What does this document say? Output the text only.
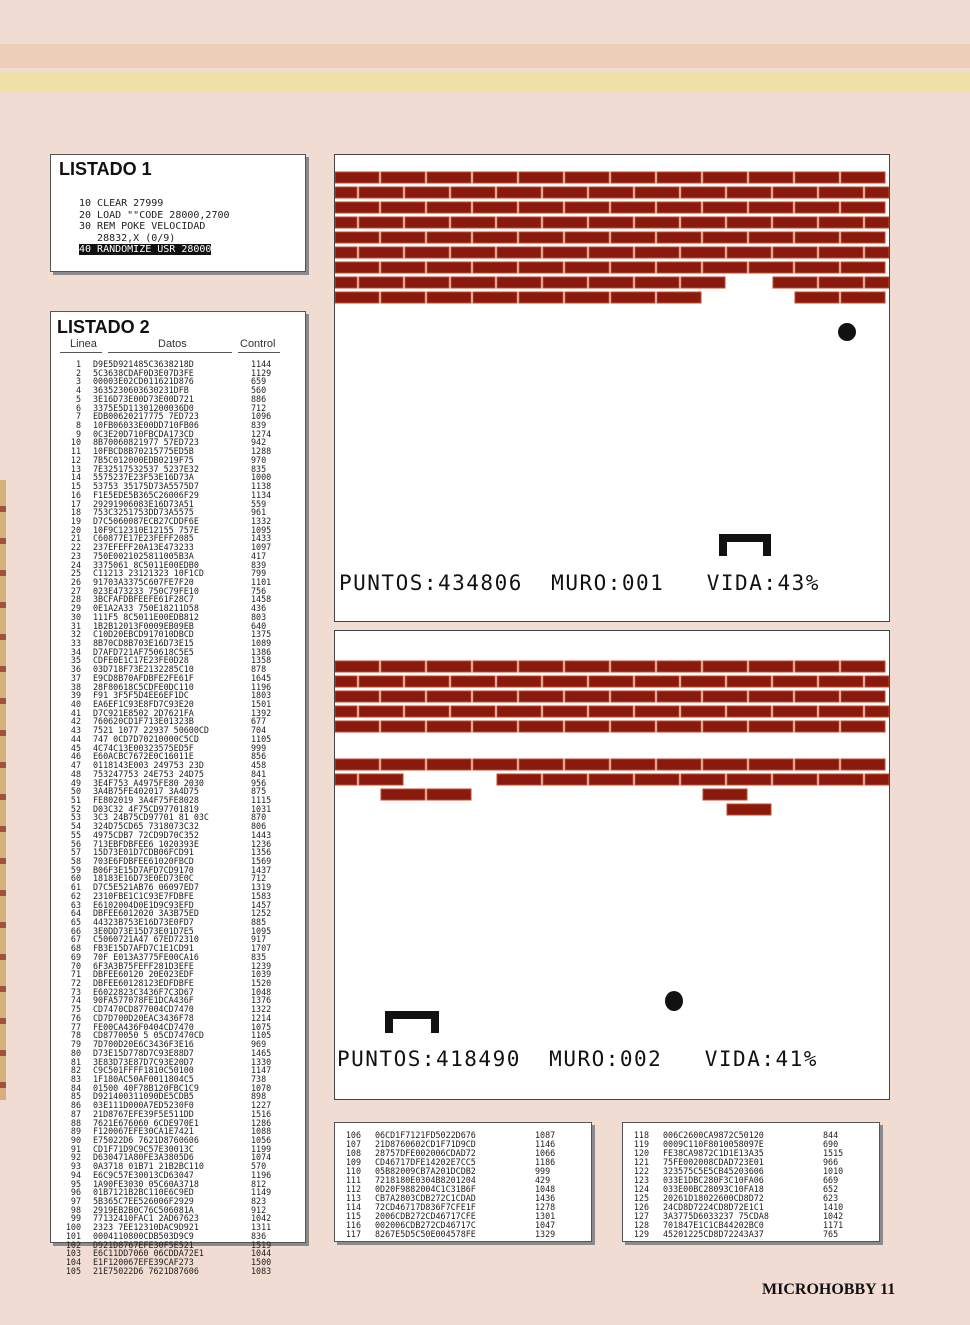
LISTADO 1
10 CLEAR 27999
20 LOAD ""CODE 28000,2700
30 REM POKE VELOCIDAD
28832,X (0/9)
40 RANDOMIZE USR 28000
LISTADO 2
Linea	Datos	Control
1 D9E5D921485C3638218D	1144
2 5C3638CDAF0D3E07D3FE	1129
3 00003E02CD011621D876	659
4 3635230603630231DFB	560
5 3E16D73E00D73E00D721	886
6 3375E5D11301200036D0	712
7 EDB00620217775 7ED723	1096
8 10FB06033E00DD710FB06	839
9 0C3E20D710FBCDA173CD	1274
10 8B70060821977 57ED723	942
11 10FBCD8B70215775ED5B	1288
12 7B5C012000EDB0219F75	970
13 7E32517532537 5237E32	835
14 5575237E23F53E16D73A	1000
15 53753 35175D73A5575D7	1138
16 F1E5EDE5B365C26006F29	1134
17 29291906083E16D73A51	559
18 753C3251753DD73A5575	961
19 D7C5060087ECB27CDDF6E	1332
20 10F9C12310E12155 757E	1095
21 C60877E17E23FEFF2085	1433
22 237EFEFF20A13E473233	1097
23 750E0021025811005B3A	417
24 3375061 8C5011E00EDB0	839
25 C11213 23121323 10F1CD	799
26 91703A3375C607FE7F20	1101
27 023E473233 750C79FE10	756
28 3BCFAFDBFEEFE61F28C7	1458
29 0E1A2A33 750E18211D58	436
30 111F5 8C5011E00EDB812	803
31 1B2B12013F0009EB09EB	640
32 C10D20EBCD917010DBCD	1375
33 8B70CD8B703E16D73E15	1089
34 D7AFD721AF750618C5E5	1386
35 CDFE0E1C17E23FE0D28	1358
36 03D718F73E2132285C10	878
37 E9CD8B70AFDBFE2FE61F	1645
38 28F80618C5CDFE0DC110	1196
39 F91 3F5F5D4EE6EF1DC	1803
40 EA6EF1C93E8FD7C93E20	1501
41 D7C921E8502 2D7621FA	1392
42 760620CD1F713E01323B	677
43 7521 1077 22937 50600CD	704
44 747 0CD7D70210000C5CD	1105
45 4C74C13E00323575ED5F	999
46 E60ACBC7672E0C16011E	856
47 0118143E003 249753 23D	458
48 753247753 24E753 24D75	841
49 3E4F753 A4975FE80 2030	956
50 3A4B75FE402017 3A4D75	875
51 FE802019 3A4F75FE8028	1115
52 D03C32 4F75CD97701819	1031
53 3C3 24B75CD97701 81 03C	870
54 324D75CD65 7318073C32	806
55 4975CDB7 72CD9D70C352	1443
56 713EBFDBFEE6 1020393E	1236
57 15D73E01D7CDB06FCD91	1356
58 703E6FDBFEE61020FBCD	1569
59 B06F3E15D7AFD7CD9170	1437
60 18183E16D73E0ED73E0C	712
61 D7C5E521AB76 06097ED7	1319
62 2310FBE1C1C93E7FDBFE	1583
63 E6102004D0E1D9C93EFD	1457
64 DBFEE6012020 3A3B75ED	1252
65 44323B753E16D73E0FD7	885
66 3E0DD73E15D73E01D7E5	1095
67 C5060721A47 67ED72310	917
68 FB3E15D7AFD7C1E1CD91	1707
69 70F E013A3775FE00CA16	835
70 6F3A3B75FEFF281D3EFE	1239
71 DBFEE60120 20E023EDF	1039
72 DBFEE60128123EDFDBFE	1520
73 E6022823C3436F7C3D67	1048
74 90FA577078FE1DCA436F	1376
75 CD7470CD877004CD7470	1322
76 CD7D700D20EAC3436F78	1214
77 FE00CA436F0404CD7470	1075
78 CD8770050 5 05CD7470CD	1105
79 7D700D20E6C3436F3E16	969
80 D73E15D778D7C93E88D7	1465
81 3E83D73E87D7C93E20D7	1330
82 C9C501FFFF1810C50100	1147
83 1F180AC50AF0011804C5	738
84 01500 40F78B120FBC1C9	1070
85 D921400311090DE5CDB5	898
86 03E111D000A7ED5230F0	1227
87 21D8767EFE39F5E511DD	1516
88 7621E676060 6CDE970E1	1286
89 F120067EFE30CA1E7421	1088
90 E75022D6 7621D8760606	1056
91 CD1F71D9C9C57E30013C	1199
92 D630471A80FE3A3805D6	1074
93 0A3718 01B71 21B2BC110	570
94 E6C9C57E30013CD63047	1196
95 1A90FE3030 05C60A3718	812
96 01B7121B2BC110E6C9ED	1149
97 5B365C7EE526006F2929	823
98 2919EB2B0C76C506081A	912
99 77132410FAC1 2AD67623	1042
100 2323 7EE12310DAC9D921	1311
101 0004110800CDB503D9C9	836
102 D921D8767EFE30F5E521	1519
103 E6C11DD7060 06CDDA72E1	1044
104 E1F120067EFE39CAF273	1500
105 21E75022D6 7621D87606	1083
PUNTOS:434806 MURO:001 VIDA:43%
PUNTOS:418490 MURO:002 VIDA:41%
106 06CD1F7121FD5022D676	1087
107 21D8760602CD1F71D9CD	1146
108 28757DFE002006CDAD72	1066
109 CD46717DFE14202E7CC5	1186
110 05B82009CB7A201DCDB2	999
111 7218180E0304B8201204	429
112 0D20F9882004C1C31B6F	1048
113 CB7A2803CDB272C1CDAD	1436
114 72CD46717D836F7CFE1F	1278
115 2006CDB272CD46717CFE	1301
116 002006CDB272CD46717C	1047
117 8267E5D5C50E004578FE	1329
118 006C2600CA9872C50120	844
119 0009C110F8010058097E	690
120 FE38CA9872C1D1E13A35	1515
121 75FE002008CDAD723E01	966
122 323575C5E5CB45203606	1010
123 033E1DBC280F3C10FA06	669
124 033E00BC28093C10FA18	652
125 20261D18022600CD8D72	623
126 24CD8D7224CD8D72E1C1	1410
127 3A3775D6033237 75CDA8	1042
128 701847E1C1CB44202BC0	1171
129 45201225CD8D72243A37	765
MICROHOBBY 11
